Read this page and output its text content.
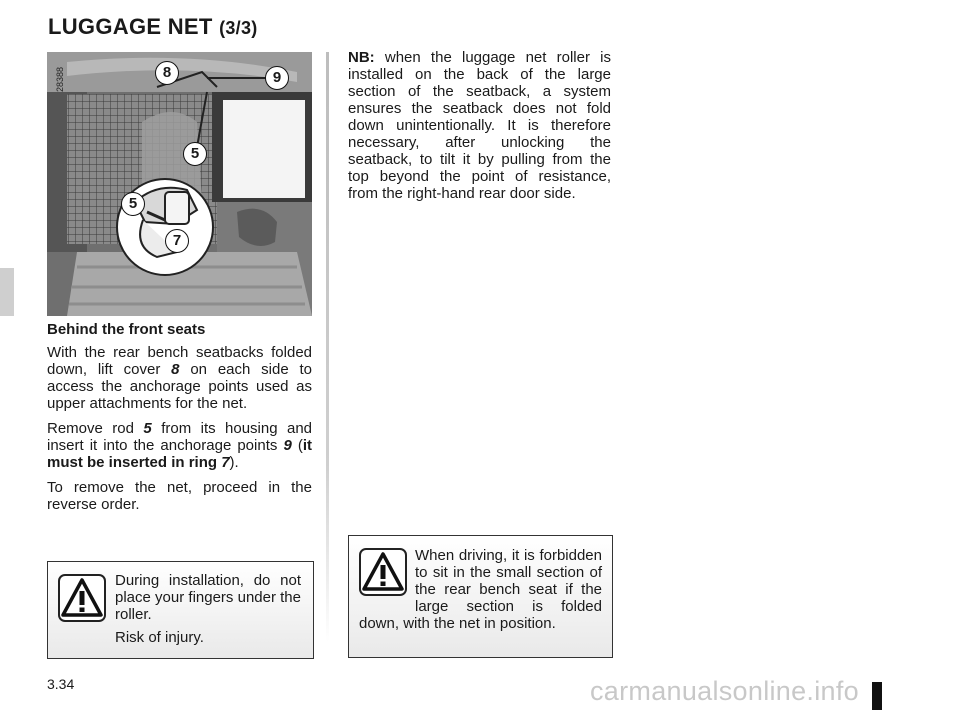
LUGGAGE NET (3/3)
28388	8	9
5
5
7

Behind the front seats

With the rear bench seatbacks folded down, lift cover 8 on each side to access the anchorage points used as upper attachments for the net.

Remove rod 5 from its housing and insert it into the anchorage points 9 (it must be inserted in ring 7).

To remove the net, proceed in the reverse order.

NB: when the luggage net roller is installed on the back of the large section of the seatback, a system ensures the seatback does not fold down unintentionally. It is therefore necessary, after unlocking the seatback, to tilt it by pulling from the top beyond the point of resistance, from the right-hand rear door side.

During installation, do not place your fingers under the roller.
Risk of injury.
When driving, it is forbidden to sit in the small section of the rear bench seat if the large section is folded down, with the net in position.
3.34	carmanualsonline.info
